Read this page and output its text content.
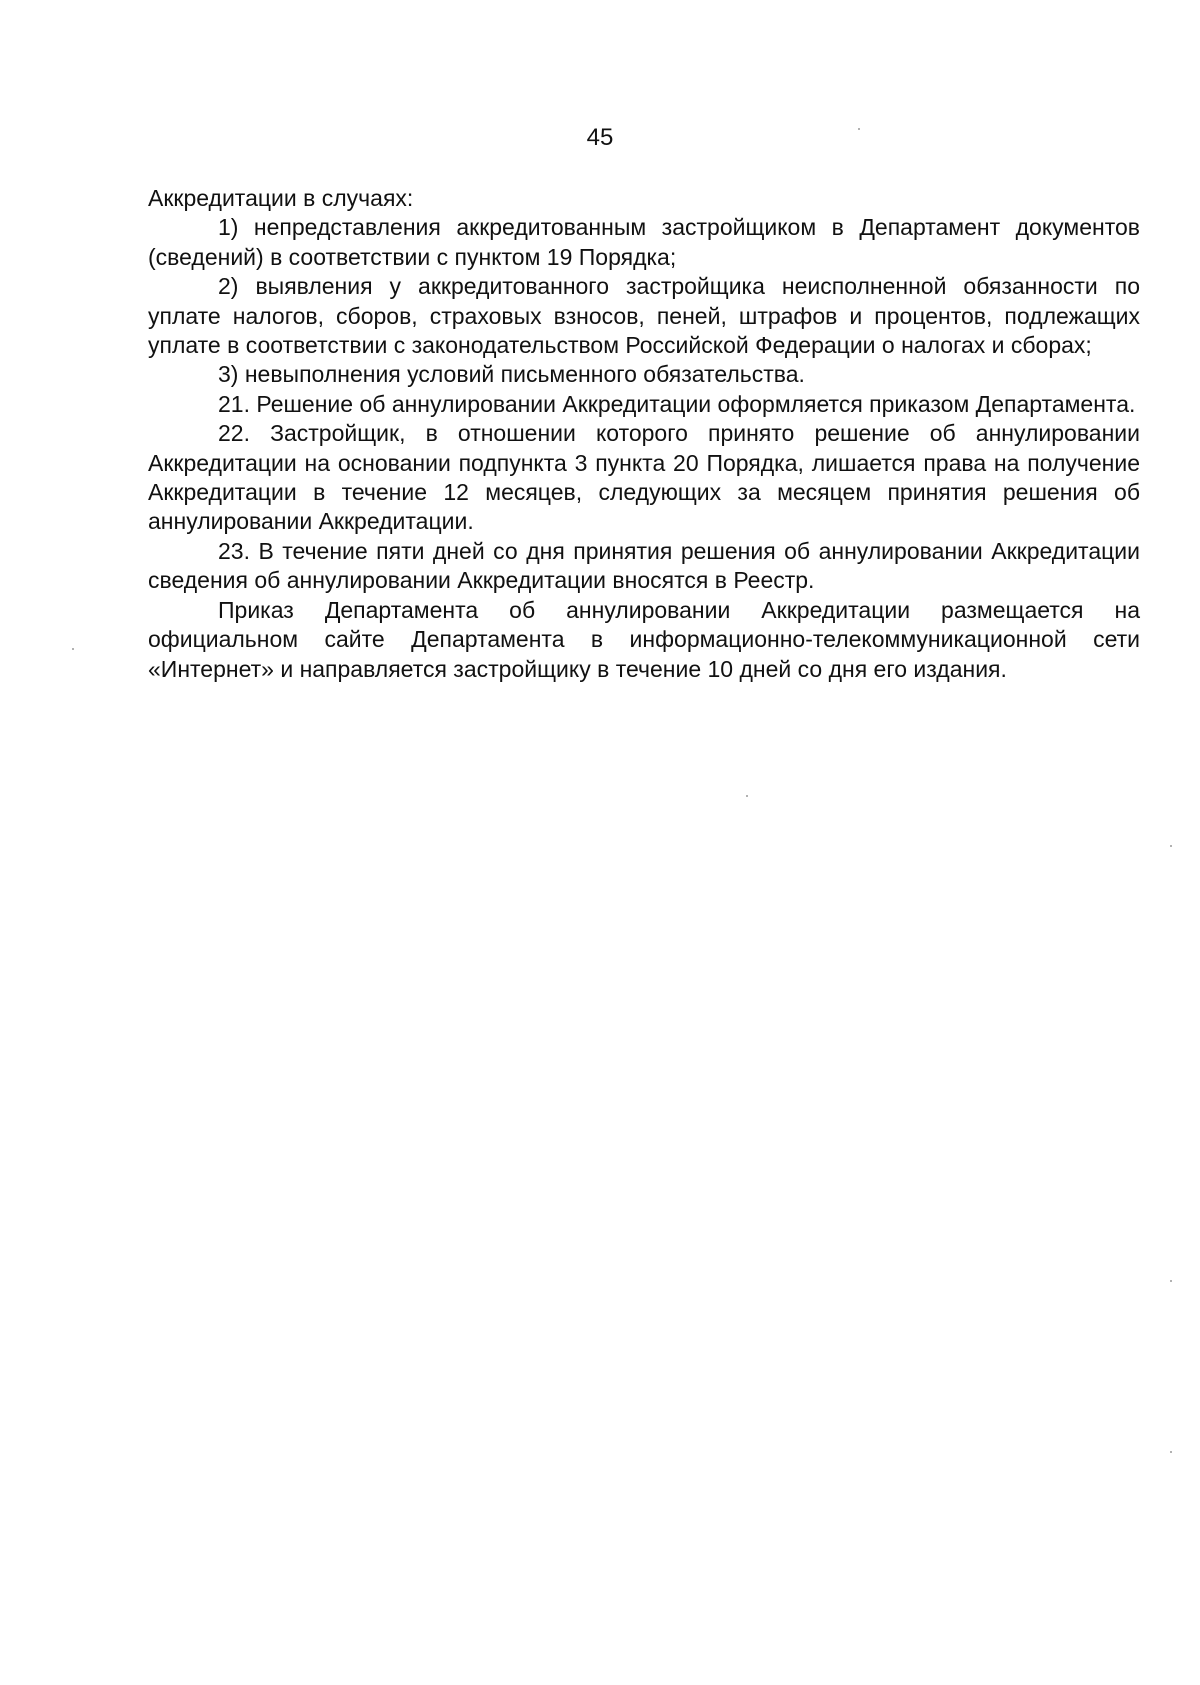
45

Аккредитации в случаях:

1) непредставления аккредитованным застройщиком в Департамент документов (сведений) в соответствии с пунктом 19 Порядка;

2) выявления у аккредитованного застройщика неисполненной обязанности по уплате налогов, сборов, страховых взносов, пеней, штрафов и процентов, подлежащих уплате в соответствии с законодательством Российской Федерации о налогах и сборах;

3) невыполнения условий письменного обязательства.

21. Решение об аннулировании Аккредитации оформляется приказом Департамента.

22. Застройщик, в отношении которого принято решение об аннулировании Аккредитации на основании подпункта 3 пункта 20 Порядка, лишается права на получение Аккредитации в течение 12 месяцев, следующих за месяцем принятия решения об аннулировании Аккредитации.

23. В течение пяти дней со дня принятия решения об аннулировании Аккредитации сведения об аннулировании Аккредитации вносятся в Реестр.

Приказ Департамента об аннулировании Аккредитации размещается на официальном сайте Департамента в информационно-телекоммуникационной сети «Интернет» и направляется застройщику в течение 10 дней со дня его издания.
